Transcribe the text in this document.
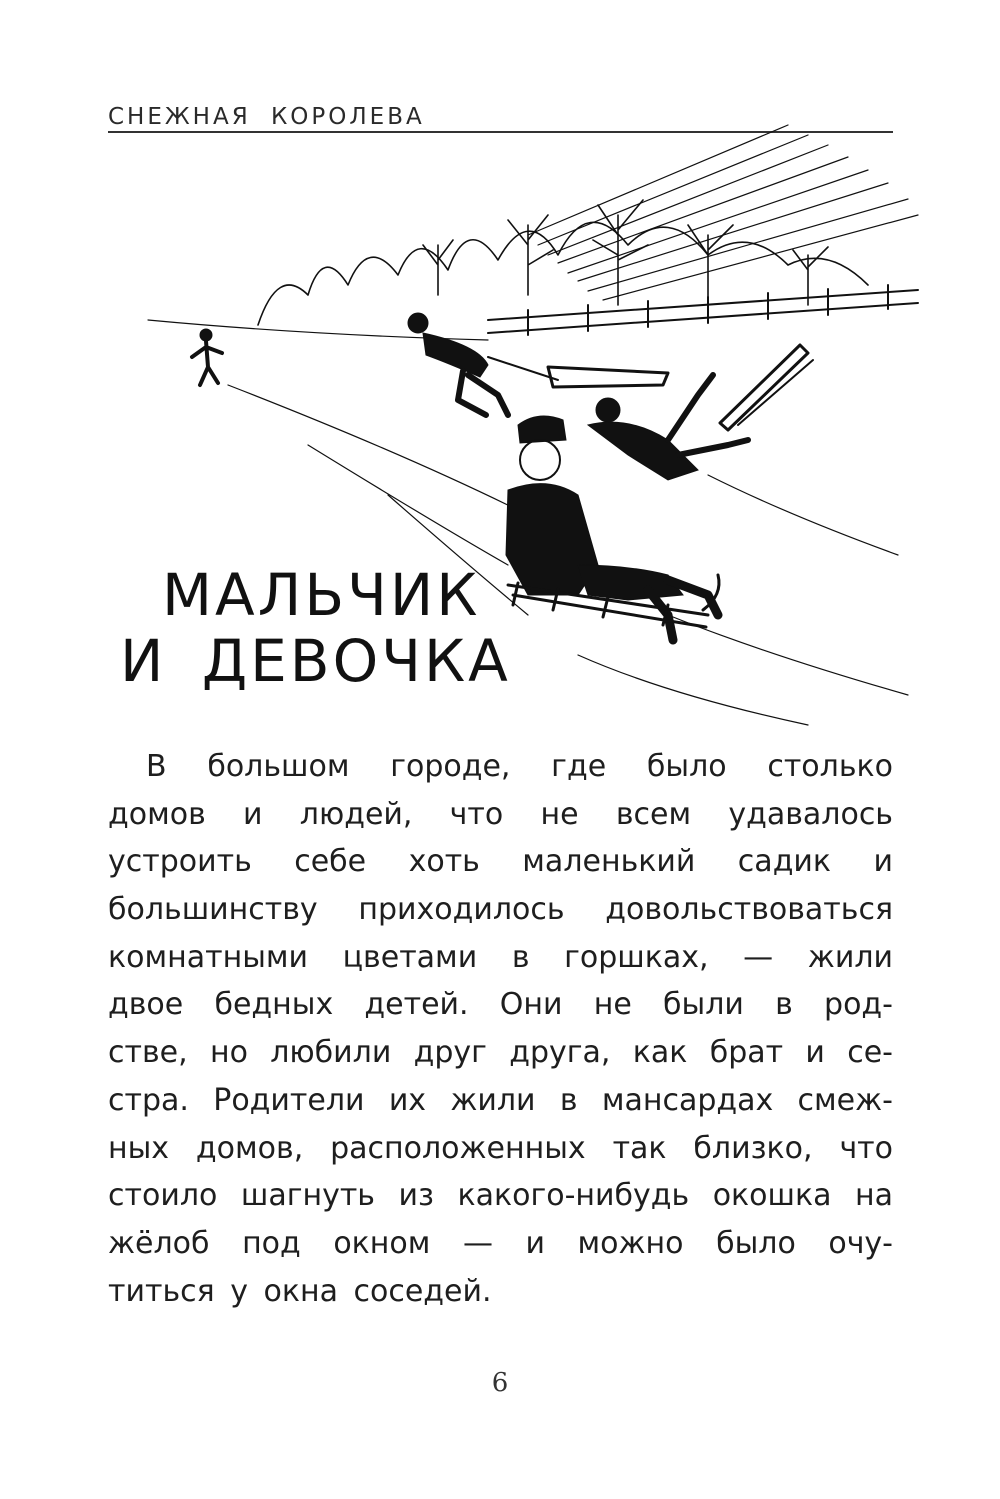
СНЕЖНАЯ КОРОЛЕВА
МАЛЬЧИК
И ДЕВОЧКА
В большом городе, где было столько
домов и людей, что не всем удавалось
устроить себе хоть маленький садик и
большинству приходилось довольствоваться
комнатными цветами в горшках, — жили
двое бедных детей. Они не были в род-
стве, но любили друг друга, как брат и се-
стра. Родители их жили в мансардах смеж-
ных домов, расположенных так близко, что
стоило шагнуть из какого-нибудь окошка на
жёлоб под окном — и можно было очу-
титься у окна соседей.
6
